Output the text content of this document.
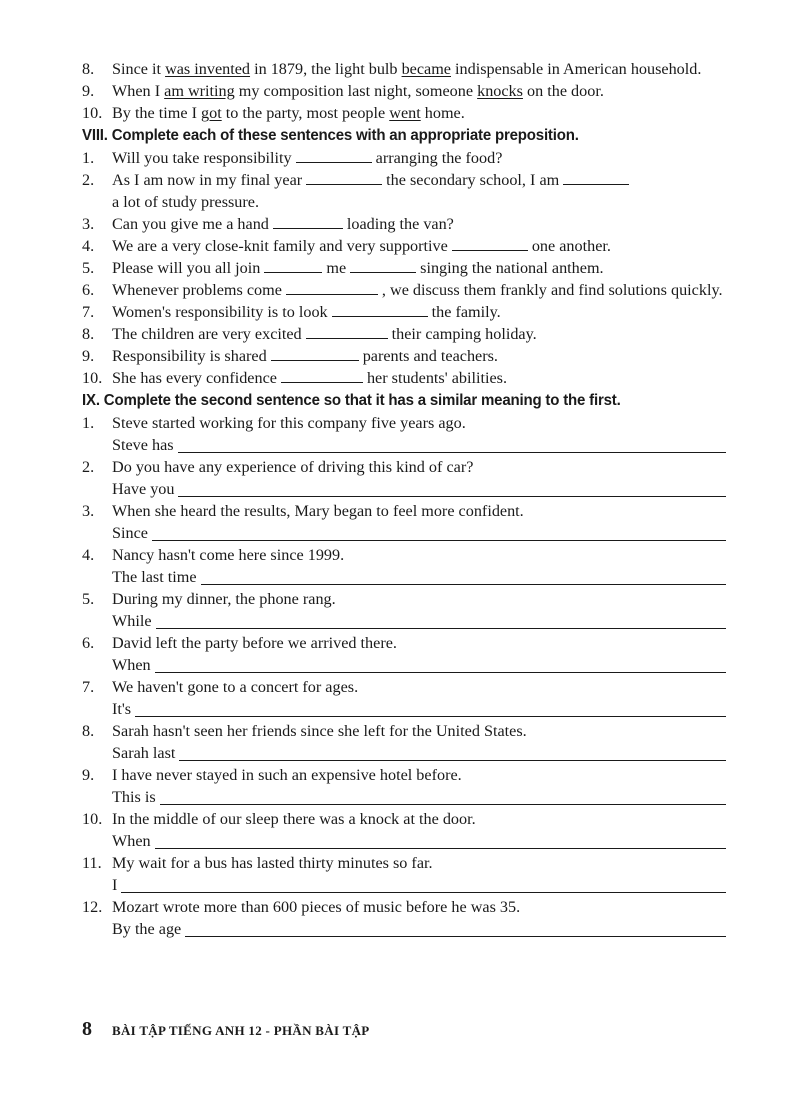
8.	Since it was invented in 1879, the light bulb became indispensable in American household.
9.	When I am writing my composition last night, someone knocks on the door.
10. By the time I got to the party, most people went home.
VIII. Complete each of these sentences with an appropriate preposition.
1.	Will you take responsibility	arranging the food?
2.	As I am now in my final year	the secondary school, I am
a lot of study pressure.
3.	Can you give me a hand	loading the van?
4.	We are a very close-knit family and very supportive	one another.
5.	Please will you all join	me	singing the national anthem.
6.	Whenever problems come	, we discuss them frankly and find solutions quickly.
7.	Women's responsibility is to look	the family.
8.	The children are very excited	their camping holiday.
9.	Responsibility is shared	parents and teachers.
10. She has every confidence	her students' abilities.
IX. Complete the second sentence so that it has a similar meaning to the first.
1.	Steve started working for this company five years ago.
Steve has
2.	Do you have any experience of driving this kind of car?
Have you
3.	When she heard the results, Mary began to feel more confident.
Since
4.	Nancy hasn't come here since 1999.
The last time
5.	During my dinner, the phone rang.
While
6.	David left the party before we arrived there.
When
7.	We haven't gone to a concert for ages.
It's
8.	Sarah hasn't seen her friends since she left for the United States.
Sarah last
9.	I have never stayed in such an expensive hotel before.
This is
10. In the middle of our sleep there was a knock at the door.
When
11. My wait for a bus has lasted thirty minutes so far.
I
12. Mozart wrote more than 600 pieces of music before he was 35.
By the age
8	BÀI TẬP TIẾNG ANH 12 - PHẦN BÀI TẬP
